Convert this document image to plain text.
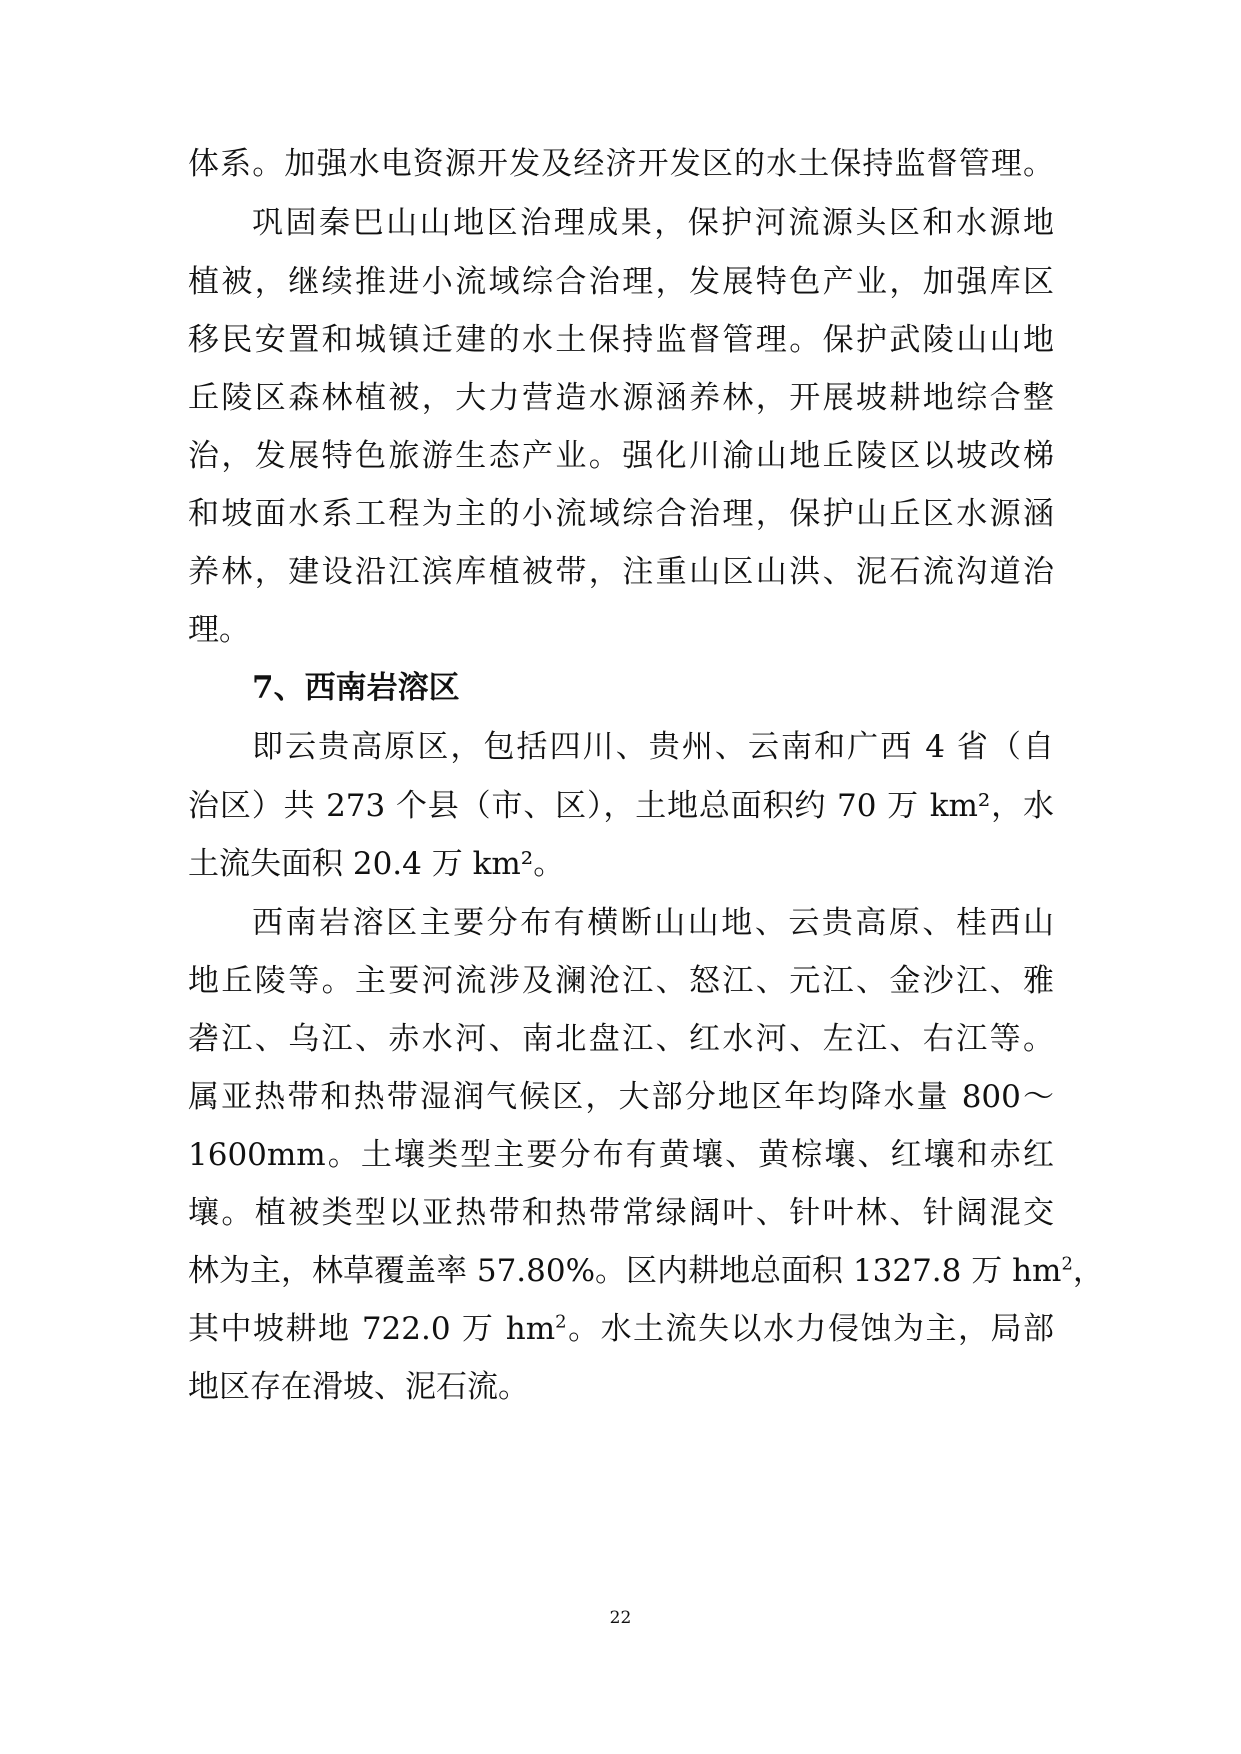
体系。加强水电资源开发及经济开发区的水土保持监督管理。
巩固秦巴山山地区治理成果，保护河流源头区和水源地
植被，继续推进小流域综合治理，发展特色产业，加强库区
移民安置和城镇迁建的水土保持监督管理。保护武陵山山地
丘陵区森林植被，大力营造水源涵养林，开展坡耕地综合整
治，发展特色旅游生态产业。强化川渝山地丘陵区以坡改梯
和坡面水系工程为主的小流域综合治理，保护山丘区水源涵
养林，建设沿江滨库植被带，注重山区山洪、泥石流沟道治
理。
7、西南岩溶区
即云贵高原区，包括四川、贵州、云南和广西 4 省（自
治区）共 273 个县（市、区），土地总面积约 70 万 km²，水
土流失面积 20.4 万 km²。
西南岩溶区主要分布有横断山山地、云贵高原、桂西山
地丘陵等。主要河流涉及澜沧江、怒江、元江、金沙江、雅
砻江、乌江、赤水河、南北盘江、红水河、左江、右江等。
属亚热带和热带湿润气候区，大部分地区年均降水量 800～
1600mm。土壤类型主要分布有黄壤、黄棕壤、红壤和赤红
壤。植被类型以亚热带和热带常绿阔叶、针叶林、针阔混交
林为主，林草覆盖率 57.80%。区内耕地总面积 1327.8 万 $hm^2$，
其中坡耕地 722.0 万 $hm^2$。水土流失以水力侵蚀为主，局部
地区存在滑坡、泥石流。
22
